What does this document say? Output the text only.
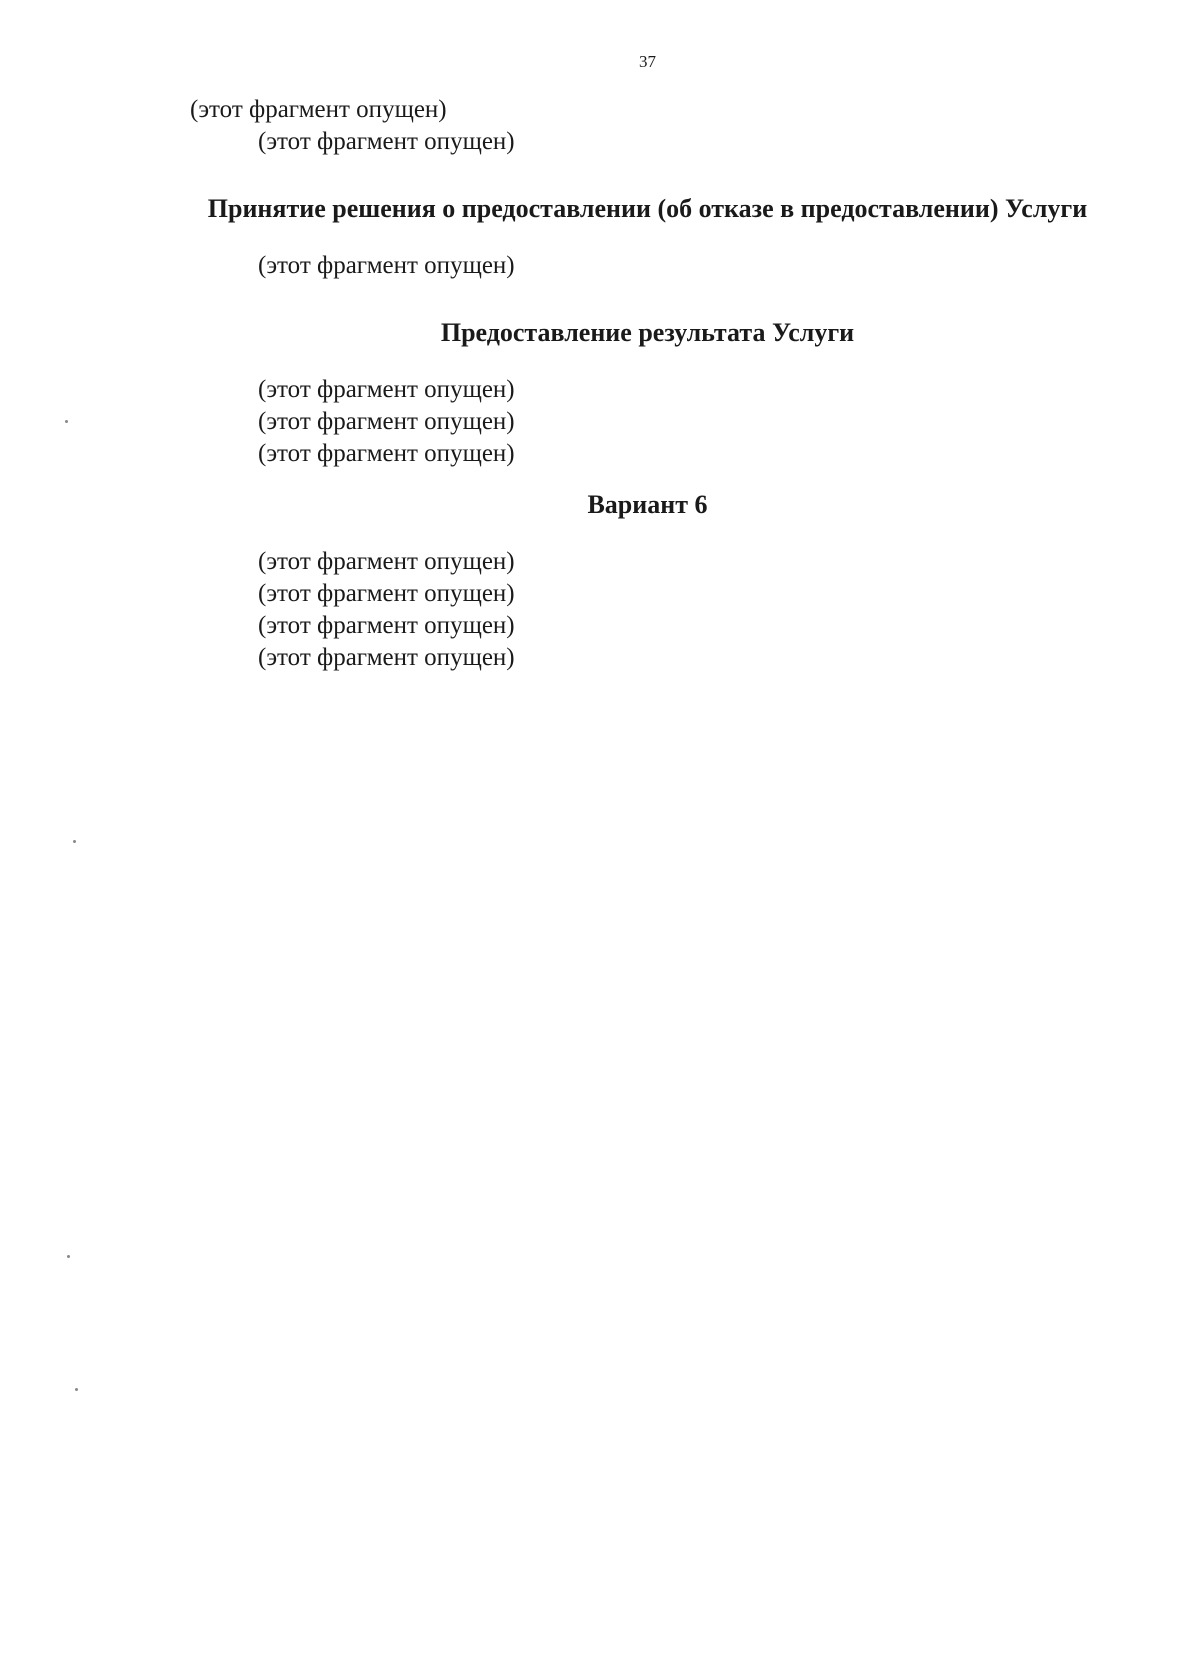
37

(этот фрагмент опущен)

(этот фрагмент опущен)

Принятие решения о предоставлении (об отказе в предоставлении) Услуги

(этот фрагмент опущен)

Предоставление результата Услуги

(этот фрагмент опущен)

(этот фрагмент опущен)

(этот фрагмент опущен)

Вариант 6

(этот фрагмент опущен)

(этот фрагмент опущен)

(этот фрагмент опущен)

(этот фрагмент опущен)
